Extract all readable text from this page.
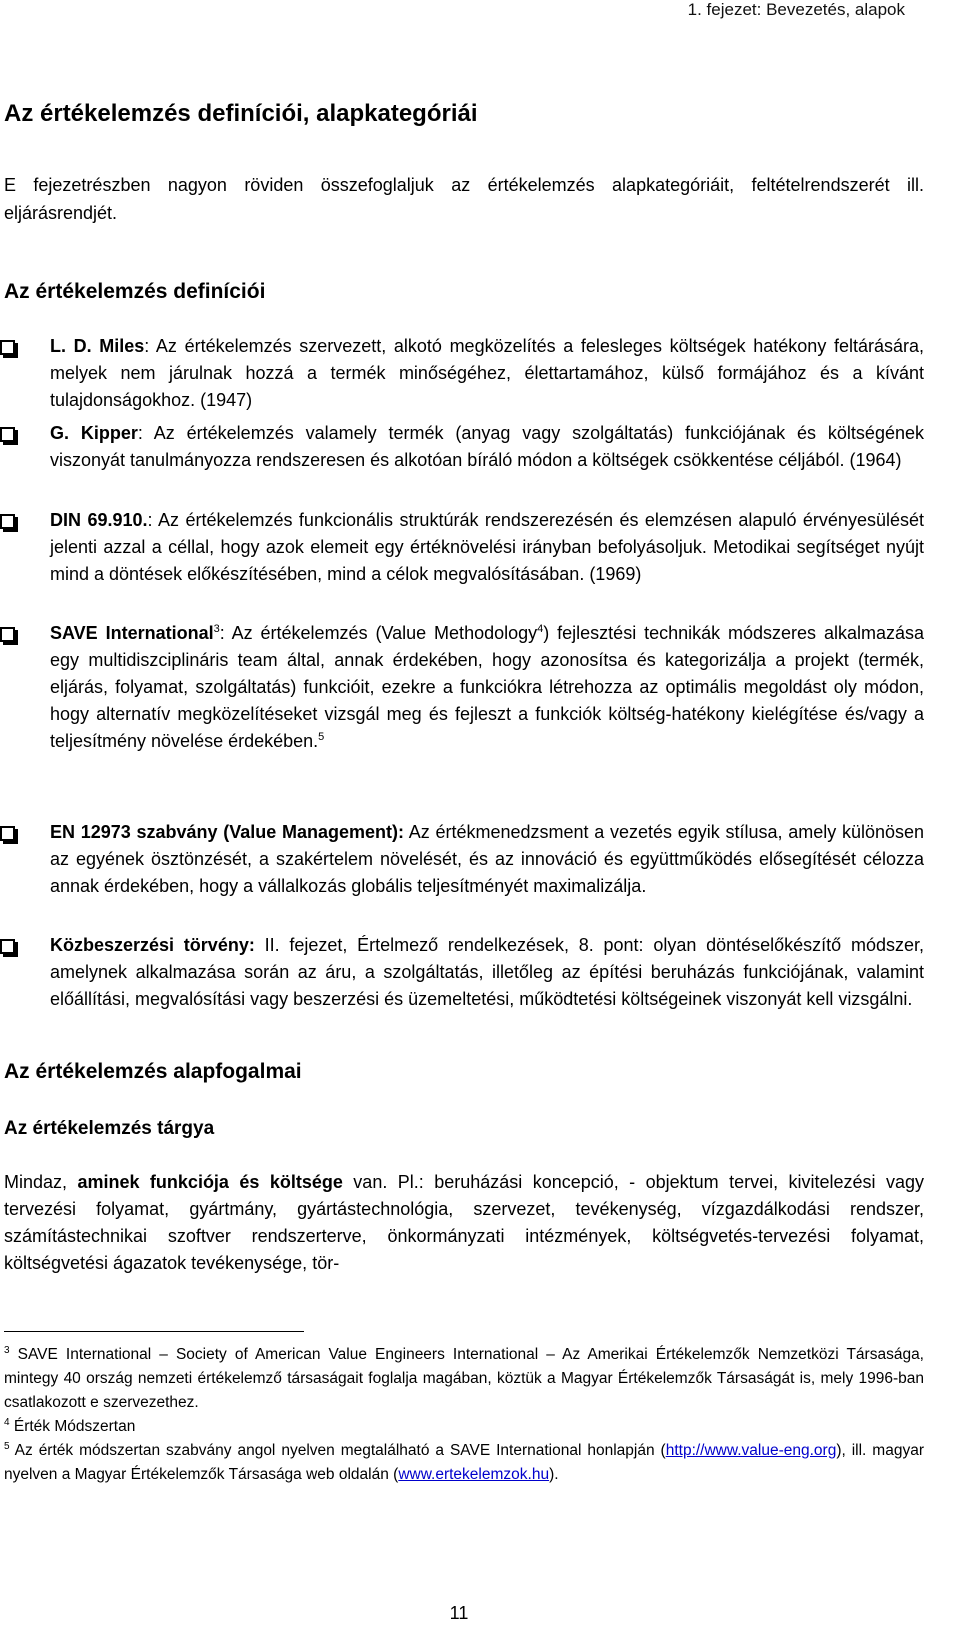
1. fejezet: Bevezetés, alapok
Az értékelemzés definíciói, alapkategóriái

E fejezetrészben nagyon röviden összefoglaljuk az értékelemzés alapkategóriáit, feltételrendszerét ill. eljárásrendjét.

Az értékelemzés definíciói
L. D. Miles: Az értékelemzés szervezett, alkotó megközelítés a felesleges költségek hatékony feltárására, melyek nem járulnak hozzá a termék minőségéhez, élettartamához, külső formájához és a kívánt tulajdonságokhoz. (1947)
G. Kipper: Az értékelemzés valamely termék (anyag vagy szolgáltatás) funkciójának és költségének viszonyát tanulmányozza rendszeresen és alkotóan bíráló módon a költségek csökkentése céljából. (1964)
DIN 69.910.: Az értékelemzés funkcionális struktúrák rendszerezésén és elemzésen alapuló érvényesülését jelenti azzal a céllal, hogy azok elemeit egy értéknövelési irányban befolyásoljuk. Metodikai segítséget nyújt mind a döntések előkészítésében, mind a célok megvalósításában. (1969)
SAVE International$^3$: Az értékelemzés (Value Methodology$^4$) fejlesztési technikák módszeres alkalmazása egy multidiszciplináris team által, annak érdekében, hogy azonosítsa és kategorizálja a projekt (termék, eljárás, folyamat, szolgáltatás) funkcióit, ezekre a funkciókra létrehozza az optimális megoldást oly módon, hogy alternatív megközelítéseket vizsgál meg és fejleszt a funkciók költség-hatékony kielégítése és/vagy a teljesítmény növelése érdekében.$^5$
EN 12973 szabvány (Value Management): Az értékmenedzsment a vezetés egyik stílusa, amely különösen az egyének ösztönzését, a szakértelem növelését, és az innováció és együttműködés elősegítését célozza annak érdekében, hogy a vállalkozás globális teljesítményét maximalizálja.
Közbeszerzési törvény: II. fejezet, Értelmező rendelkezések, 8. pont: olyan döntéselőkészítő módszer, amelynek alkalmazása során az áru, a szolgáltatás, illetőleg az építési beruházás funkciójának, valamint előállítási, megvalósítási vagy beszerzési és üzemeltetési, működtetési költségeinek viszonyát kell vizsgálni.
Az értékelemzés alapfogalmai
Az értékelemzés tárgya

Mindaz, aminek funkciója és költsége van. Pl.: beruházási koncepció, - objektum tervei, kivitelezési vagy tervezési folyamat, gyártmány, gyártástechnológia, szervezet, tevékenység, vízgazdálkodási rendszer, számítástechnikai szoftver rendszerterve, önkormányzati intézmények, költségvetés-tervezési folyamat, költségvetési ágazatok tevékenysége, tör-

$^3$ SAVE International – Society of American Value Engineers International – Az Amerikai Értékelemzők Nemzetközi Társasága, mintegy 40 ország nemzeti értékelemző társaságait foglalja magában, köztük a Magyar Értékelemzők Társaságát is, mely 1996-ban csatlakozott e szervezethez.

$^4$ Érték Módszertan

$^5$ Az érték módszertan szabvány angol nyelven megtalálható a SAVE International honlapján (http://www.value-eng.org), ill. magyar nyelven a Magyar Értékelemzők Társasága web oldalán (www.ertekelemzok.hu).

11
